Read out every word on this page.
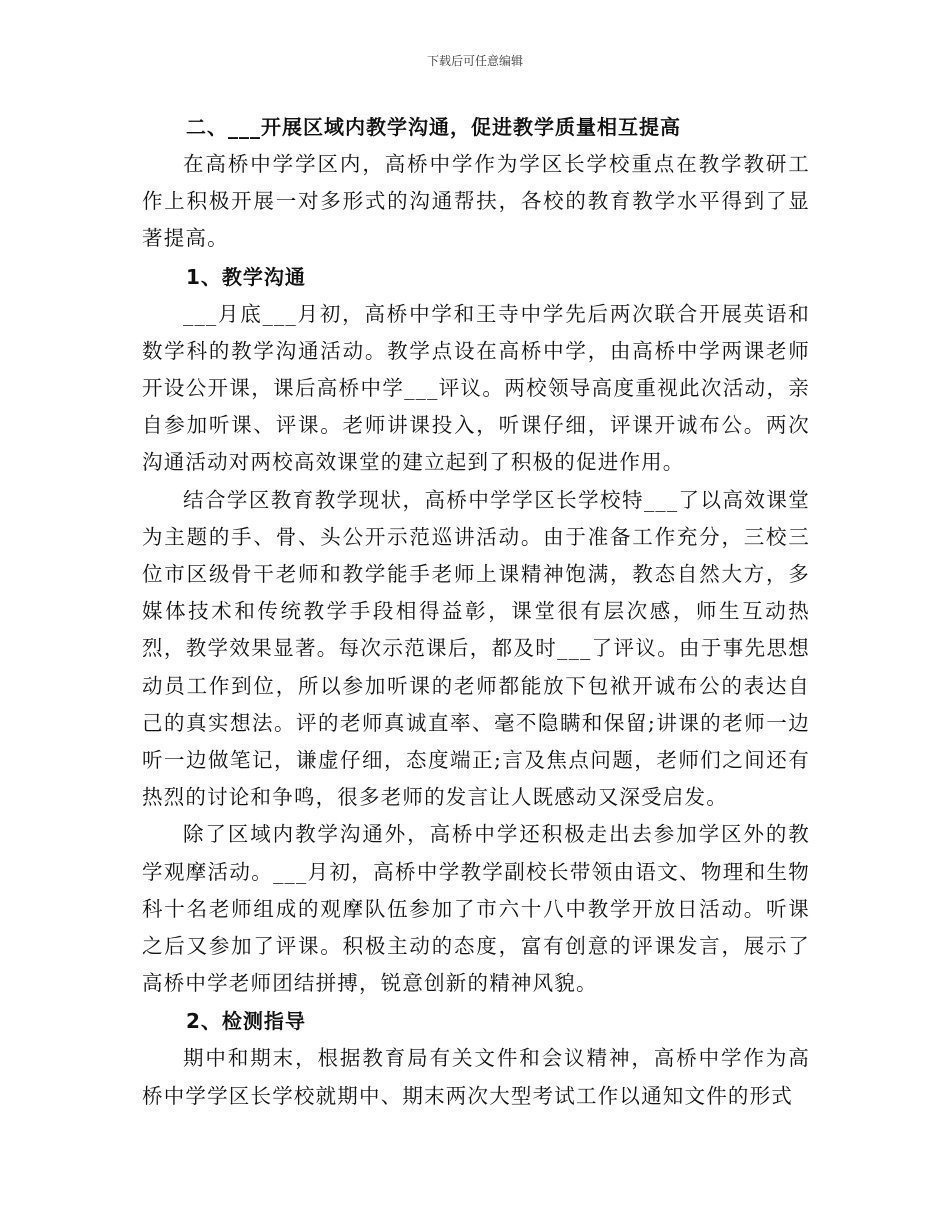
下载后可任意编辑
二、___开展区域内教学沟通，促进教学质量相互提高

在高桥中学学区内，高桥中学作为学区长学校重点在教学教研工作上积极开展一对多形式的沟通帮扶，各校的教育教学水平得到了显著提高。

1、教学沟通

___月底___月初，高桥中学和王寺中学先后两次联合开展英语和数学科的教学沟通活动。教学点设在高桥中学，由高桥中学两课老师开设公开课，课后高桥中学___评议。两校领导高度重视此次活动，亲自参加听课、评课。老师讲课投入，听课仔细，评课开诚布公。两次沟通活动对两校高效课堂的建立起到了积极的促进作用。

结合学区教育教学现状，高桥中学学区长学校特___了以高效课堂为主题的手、骨、头公开示范巡讲活动。由于准备工作充分，三校三位市区级骨干老师和教学能手老师上课精神饱满，教态自然大方，多媒体技术和传统教学手段相得益彰，课堂很有层次感，师生互动热烈，教学效果显著。每次示范课后，都及时___了评议。由于事先思想动员工作到位，所以参加听课的老师都能放下包袱开诚布公的表达自己的真实想法。评的老师真诚直率、毫不隐瞒和保留;讲课的老师一边听一边做笔记，谦虚仔细，态度端正;言及焦点问题，老师们之间还有热烈的讨论和争鸣，很多老师的发言让人既感动又深受启发。

除了区域内教学沟通外，高桥中学还积极走出去参加学区外的教学观摩活动。___月初，高桥中学教学副校长带领由语文、物理和生物科十名老师组成的观摩队伍参加了市六十八中教学开放日活动。听课之后又参加了评课。积极主动的态度，富有创意的评课发言，展示了高桥中学老师团结拼搏，锐意创新的精神风貌。

2、检测指导

期中和期末，根据教育局有关文件和会议精神，高桥中学作为高桥中学学区长学校就期中、期末两次大型考试工作以通知文件的形式
